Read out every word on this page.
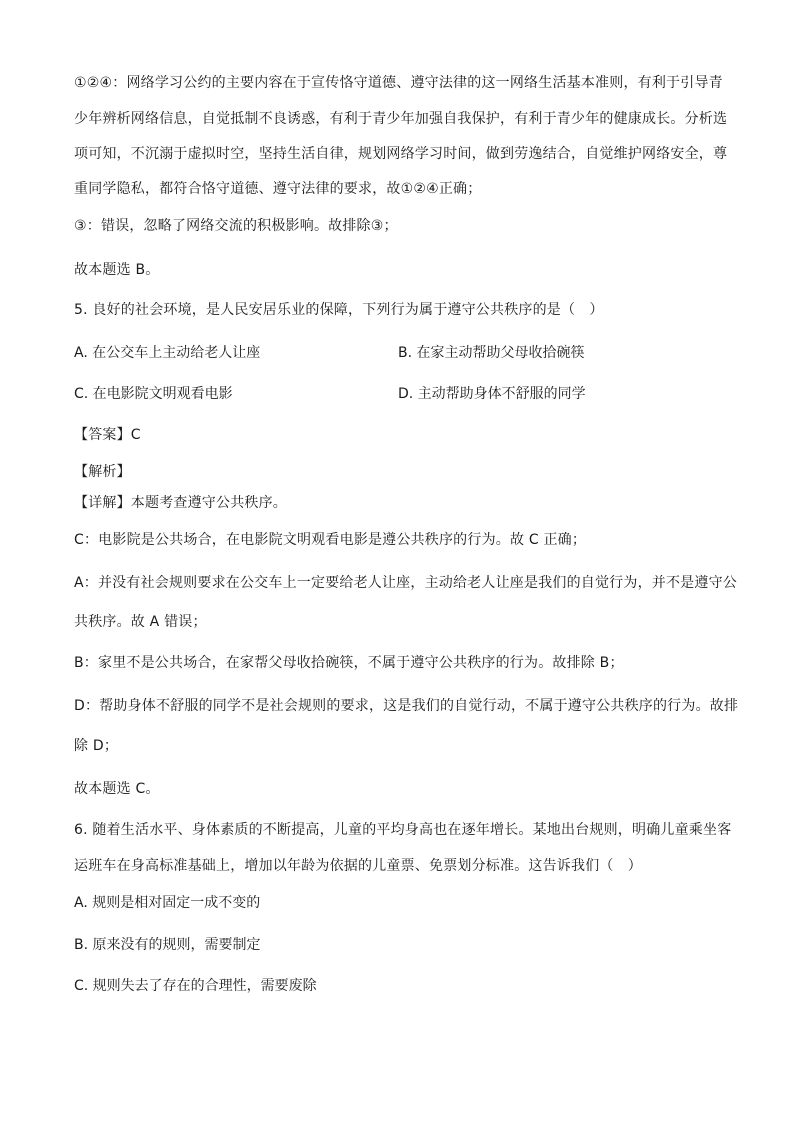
①②④：网络学习公约的主要内容在于宣传恪守道德、遵守法律的这一网络生活基本准则，有利于引导青
少年辨析网络信息，自觉抵制不良诱惑，有利于青少年加强自我保护，有利于青少年的健康成长。分析选
项可知，不沉溺于虚拟时空，坚持生活自律，规划网络学习时间，做到劳逸结合，自觉维护网络安全，尊
重同学隐私，都符合恪守道德、遵守法律的要求，故①②④正确；
③：错误，忽略了网络交流的积极影响。故排除③；
故本题选 B。
5. 良好的社会环境，是人民安居乐业的保障，下列行为属于遵守公共秩序的是（　）
A. 在公交车上主动给老人让座	B. 在家主动帮助父母收拾碗筷
C. 在电影院文明观看电影	D. 主动帮助身体不舒服的同学
【答案】C
【解析】
【详解】本题考查遵守公共秩序。
C：电影院是公共场合，在电影院文明观看电影是遵公共秩序的行为。故 C 正确；
A：并没有社会规则要求在公交车上一定要给老人让座，主动给老人让座是我们的自觉行为，并不是遵守公
共秩序。故 A 错误；
B：家里不是公共场合，在家帮父母收拾碗筷，不属于遵守公共秩序的行为。故排除 B；
D：帮助身体不舒服的同学不是社会规则的要求，这是我们的自觉行动，不属于遵守公共秩序的行为。故排
除 D；
故本题选 C。
6. 随着生活水平、身体素质的不断提高，儿童的平均身高也在逐年增长。某地出台规则，明确儿童乘坐客
运班车在身高标准基础上，增加以年龄为依据的儿童票、免票划分标准。这告诉我们（　）
A. 规则是相对固定一成不变的
B. 原来没有的规则，需要制定
C. 规则失去了存在的合理性，需要废除
